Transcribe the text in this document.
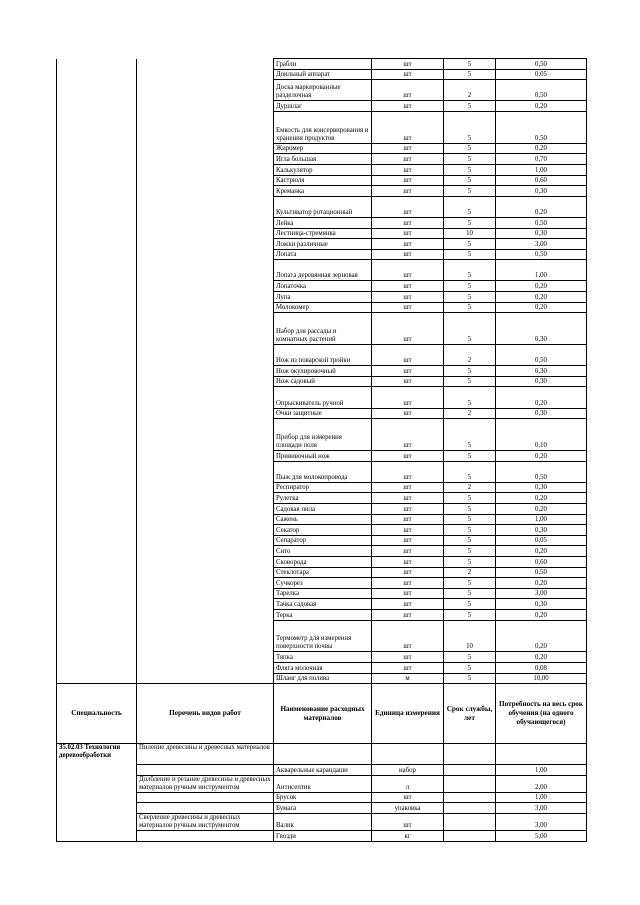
		Грабли	шт	5	0,50
		Доильный аппарат	шт	5	0,05
		Доска маркированные разделочная	шт	2	0,50
		Дуршлаг	шт	5	0,20
		Емкость для консервирования и хранения продуктов	шт	5	0,50
		Жиромер	шт	5	0,20
		Игла большая	шт	5	0,70
		Калькулятор	шт	5	1,00
		Кастрюля	шт	5	0,60
		Креманка	шт	5	0,30
		Культиватор ротационный	шт	5	0,20
		Лейка	шт	5	0,50
		Лестница-стремянка	шт	10	0,30
		Ложки различные	шт	5	3,00
		Лопата	шт	5	0,50
		Лопата деревянная зерновая	шт	5	1,00
		Лопаточка	шт	5	0,20
		Лупа	шт	5	0,20
		Молокомер	шт	5	0,20
		Набор для рассады и комнатных растений	шт	5	0,30
		Нож из поварской тройки	шт	2	0,50
		Нож окулировочный	шт	5	0,30
		Нож садовый	шт	5	0,30
		Опрыскиватель ручной	шт	5	0,20
		Очки защитные	шт	2	0,30
		Прибор для измерения площади поля	шт	5	0,10
		Прививочный нож	шт	5	0,20
		Пыж для молокопровода	шт	5	0,50
		Респиратор	шт	2	0,30
		Рулетка	шт	5	0,20
		Садовая пила	шт	5	0,20
		Сажень	шт	5	1,00
		Секатор	шт	5	0,30
		Сепаратор	шт	5	0,05
		Сито	шт	5	0,20
		Сковорода	шт	5	0,60
		Стеклотара	шт	2	0,50
		Сучкорез	шт	5	0,20
		Тарелка	шт	5	3,00
		Тачка садовая	шт	5	0,30
		Терка	шт	5	0,20
		Термометр для измерения поверхности почвы	шт	10	0,20
		Тяпка	шт	5	0,20
		Фляга молочная	шт	5	0,08
		Шланг для полива	м	5	10,00
Специальность	Перечень видов работ	Наименование расходных материалов	Единица измерения	Срок службы, лет	Потребность на весь срок обучения (на одного обучающегося)
35.02.03 Технология деревообработки	Пиление древесины и древесных материалов				
		Акварельные карандаши	набор		1,00
	Долбление и резание древесины и древесных материалов ручным инструментом	Антисептик	л		2,00
		Брусок	шт		1,00
		Бумага	упаковка		3,00
	Сверление древесины и древесных материалов ручным инструментом	Валик	шт		3,00
		Гвозди	кг		5,00
